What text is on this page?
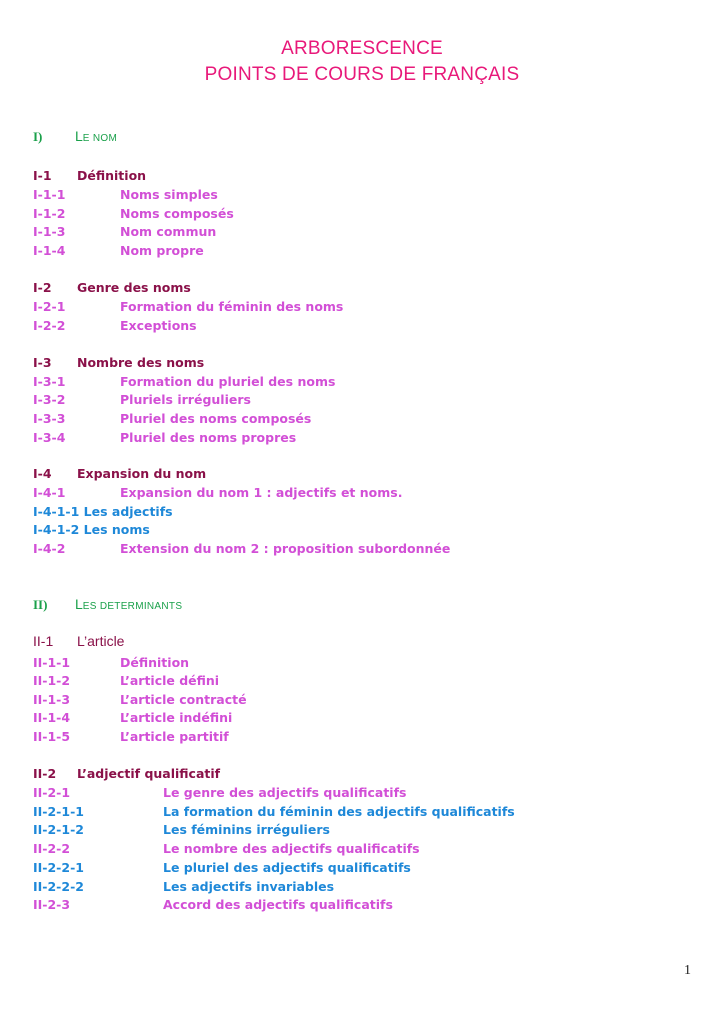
ARBORESCENCE
POINTS DE COURS DE FRANÇAIS
I) LE NOM
I-1 Définition
I-1-1	Noms simples
I-1-2	Noms composés
I-1-3	Nom commun
I-1-4	Nom propre
I-2 Genre des noms
I-2-1	Formation du féminin des noms
I-2-2	Exceptions
I-3 Nombre des noms
I-3-1	Formation du pluriel des noms
I-3-2	Pluriels irréguliers
I-3-3	Pluriel des noms composés
I-3-4	Pluriel des noms propres
I-4 Expansion du nom
I-4-1	Expansion du nom 1 : adjectifs et noms.
I-4-1-1 Les adjectifs
I-4-1-2 Les noms
I-4-2	Extension du nom 2 : proposition subordonnée
II) LES DETERMINANTS
II-1 L’article
II-1-1	Définition
II-1-2	L’article défini
II-1-3	L’article contracté
II-1-4	L’article indéfini
II-1-5	L’article partitif
II-2 L’adjectif qualificatif
II-2-1	Le genre des adjectifs qualificatifs
II-2-1-1	La formation du féminin des adjectifs qualificatifs
II-2-1-2	Les féminins irréguliers
II-2-2	Le nombre des adjectifs qualificatifs
II-2-2-1	Le pluriel des adjectifs qualificatifs
II-2-2-2	Les adjectifs invariables
II-2-3	Accord des adjectifs qualificatifs
1
